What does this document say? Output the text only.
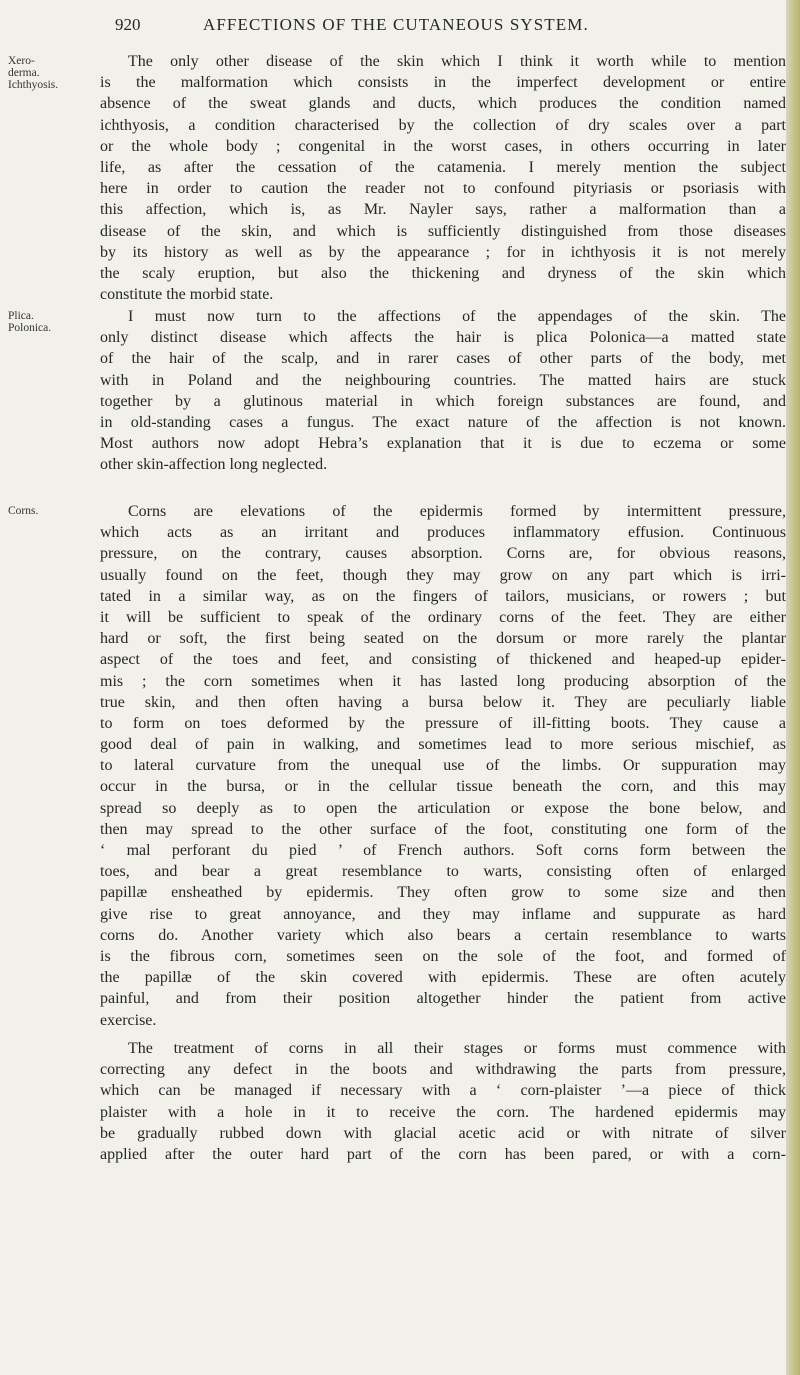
920	AFFECTIONS OF THE CUTANEOUS SYSTEM.
Xero-
derma.
Ichthyosis.
Plica.
Polonica.
Corns.
The only other disease of the skin which I think it worth while to mention
is the malformation which consists in the imperfect development or entire
absence of the sweat glands and ducts, which produces the condition named
ichthyosis, a condition characterised by the collection of dry scales over a part
or the whole body ; congenital in the worst cases, in others occurring in later
life, as after the cessation of the catamenia. I merely mention the subject
here in order to caution the reader not to confound pityriasis or psoriasis with
this affection, which is, as Mr. Nayler says, rather a malformation than a
disease of the skin, and which is sufficiently distinguished from those diseases
by its history as well as by the appearance ; for in ichthyosis it is not merely
the scaly eruption, but also the thickening and dryness of the skin which
constitute the morbid state.
I must now turn to the affections of the appendages of the skin. The
only distinct disease which affects the hair is plica Polonica—a matted state
of the hair of the scalp, and in rarer cases of other parts of the body, met
with in Poland and the neighbouring countries. The matted hairs are stuck
together by a glutinous material in which foreign substances are found, and
in old-standing cases a fungus. The exact nature of the affection is not known.
Most authors now adopt Hebra’s explanation that it is due to eczema or some
other skin-affection long neglected.
Corns are elevations of the epidermis formed by intermittent pressure,
which acts as an irritant and produces inflammatory effusion. Continuous
pressure, on the contrary, causes absorption. Corns are, for obvious reasons,
usually found on the feet, though they may grow on any part which is irri-
tated in a similar way, as on the fingers of tailors, musicians, or rowers ; but
it will be sufficient to speak of the ordinary corns of the feet. They are either
hard or soft, the first being seated on the dorsum or more rarely the plantar
aspect of the toes and feet, and consisting of thickened and heaped-up epider-
mis ; the corn sometimes when it has lasted long producing absorption of the
true skin, and then often having a bursa below it. They are peculiarly liable
to form on toes deformed by the pressure of ill-fitting boots. They cause a
good deal of pain in walking, and sometimes lead to more serious mischief, as
to lateral curvature from the unequal use of the limbs. Or suppuration may
occur in the bursa, or in the cellular tissue beneath the corn, and this may
spread so deeply as to open the articulation or expose the bone below, and
then may spread to the other surface of the foot, constituting one form of the
‘ mal perforant du pied ’ of French authors. Soft corns form between the
toes, and bear a great resemblance to warts, consisting often of enlarged
papillæ ensheathed by epidermis. They often grow to some size and then
give rise to great annoyance, and they may inflame and suppurate as hard
corns do. Another variety which also bears a certain resemblance to warts
is the fibrous corn, sometimes seen on the sole of the foot, and formed of
the papillæ of the skin covered with epidermis. These are often acutely
painful, and from their position altogether hinder the patient from active
exercise.
The treatment of corns in all their stages or forms must commence with
correcting any defect in the boots and withdrawing the parts from pressure,
which can be managed if necessary with a ‘ corn-plaister ’—a piece of thick
plaister with a hole in it to receive the corn. The hardened epidermis may
be gradually rubbed down with glacial acetic acid or with nitrate of silver
applied after the outer hard part of the corn has been pared, or with a corn-
